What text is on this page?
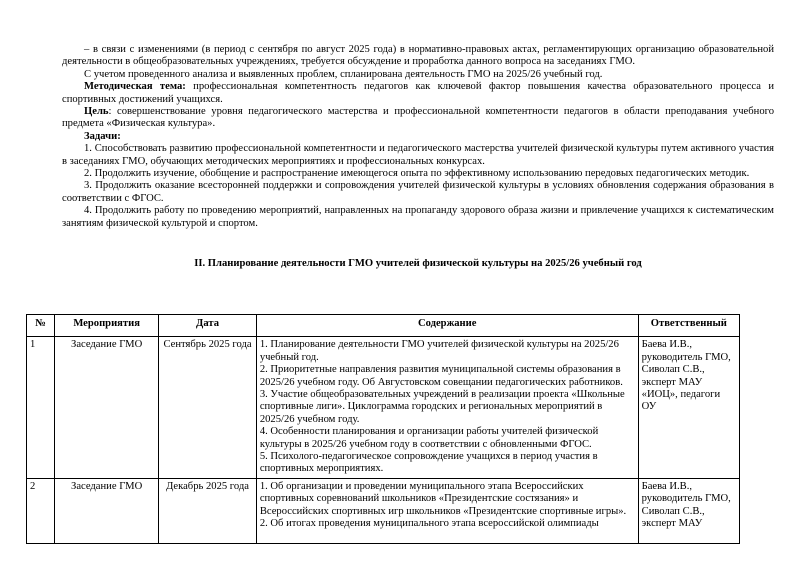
– в связи с изменениями (в период с сентября по август 2025 года) в нормативно-правовых актах, регламентирующих организацию образовательной деятельности в общеобразовательных учреждениях, требуется обсуждение и проработка данного вопроса на заседаниях ГМО.

С учетом проведенного анализа и выявленных проблем, спланирована деятельность ГМО на 2025/26 учебный год.

Методическая тема: профессиональная компетентность педагогов как ключевой фактор повышения качества образовательного процесса и спортивных достижений учащихся.

Цель: совершенствование уровня педагогического мастерства и профессиональной компетентности педагогов в области преподавания учебного предмета «Физическая культура».

Задачи:

1. Способствовать развитию профессиональной компетентности и педагогического мастерства учителей физической культуры путем активного участия в заседаниях ГМО, обучающих методических мероприятиях и профессиональных конкурсах.

2. Продолжить изучение, обобщение и распространение имеющегося опыта по эффективному использованию передовых педагогических методик.

3. Продолжить оказание всесторонней поддержки и сопровождения учителей физической культуры в условиях обновления содержания образования в соответствии с ФГОС.

4. Продолжить работу по проведению мероприятий, направленных на пропаганду здорового образа жизни и привлечение учащихся к систематическим занятиям физической культурой и спортом.

II. Планирование деятельности ГМО учителей физической культуры на 2025/26 учебный год
№	Мероприятия	Дата	Содержание	Ответственный
1	Заседание ГМО	Сентябрь 2025 года	1. Планирование деятельности ГМО учителей физической культуры на 2025/26 учебный год.
2. Приоритетные направления развития муниципальной системы образования в 2025/26 учебном году. Об Августовском совещании педагогических работников.
3. Участие общеобразовательных учреждений в реализации проекта «Школьные спортивные лиги». Циклограмма городских и региональных мероприятий в 2025/26 учебном году.
4. Особенности планирования и организации работы учителей физической культуры в 2025/26 учебном году в соответствии с обновленными ФГОС.
5. Психолого-педагогическое сопровождение учащихся в период участия в спортивных мероприятиях.	Баева И.В., руководитель ГМО, Сиволап С.В., эксперт МАУ «ИОЦ», педагоги ОУ
2	Заседание ГМО	Декабрь 2025 года	1. Об организации и проведении муниципального этапа Всероссийских спортивных соревнований школьников «Президентские состязания» и Всероссийских спортивных игр школьников «Президентские спортивные игры».
2. Об итогах проведения муниципального этапа всероссийской олимпиады	Баева И.В., руководитель ГМО, Сиволап С.В., эксперт МАУ
